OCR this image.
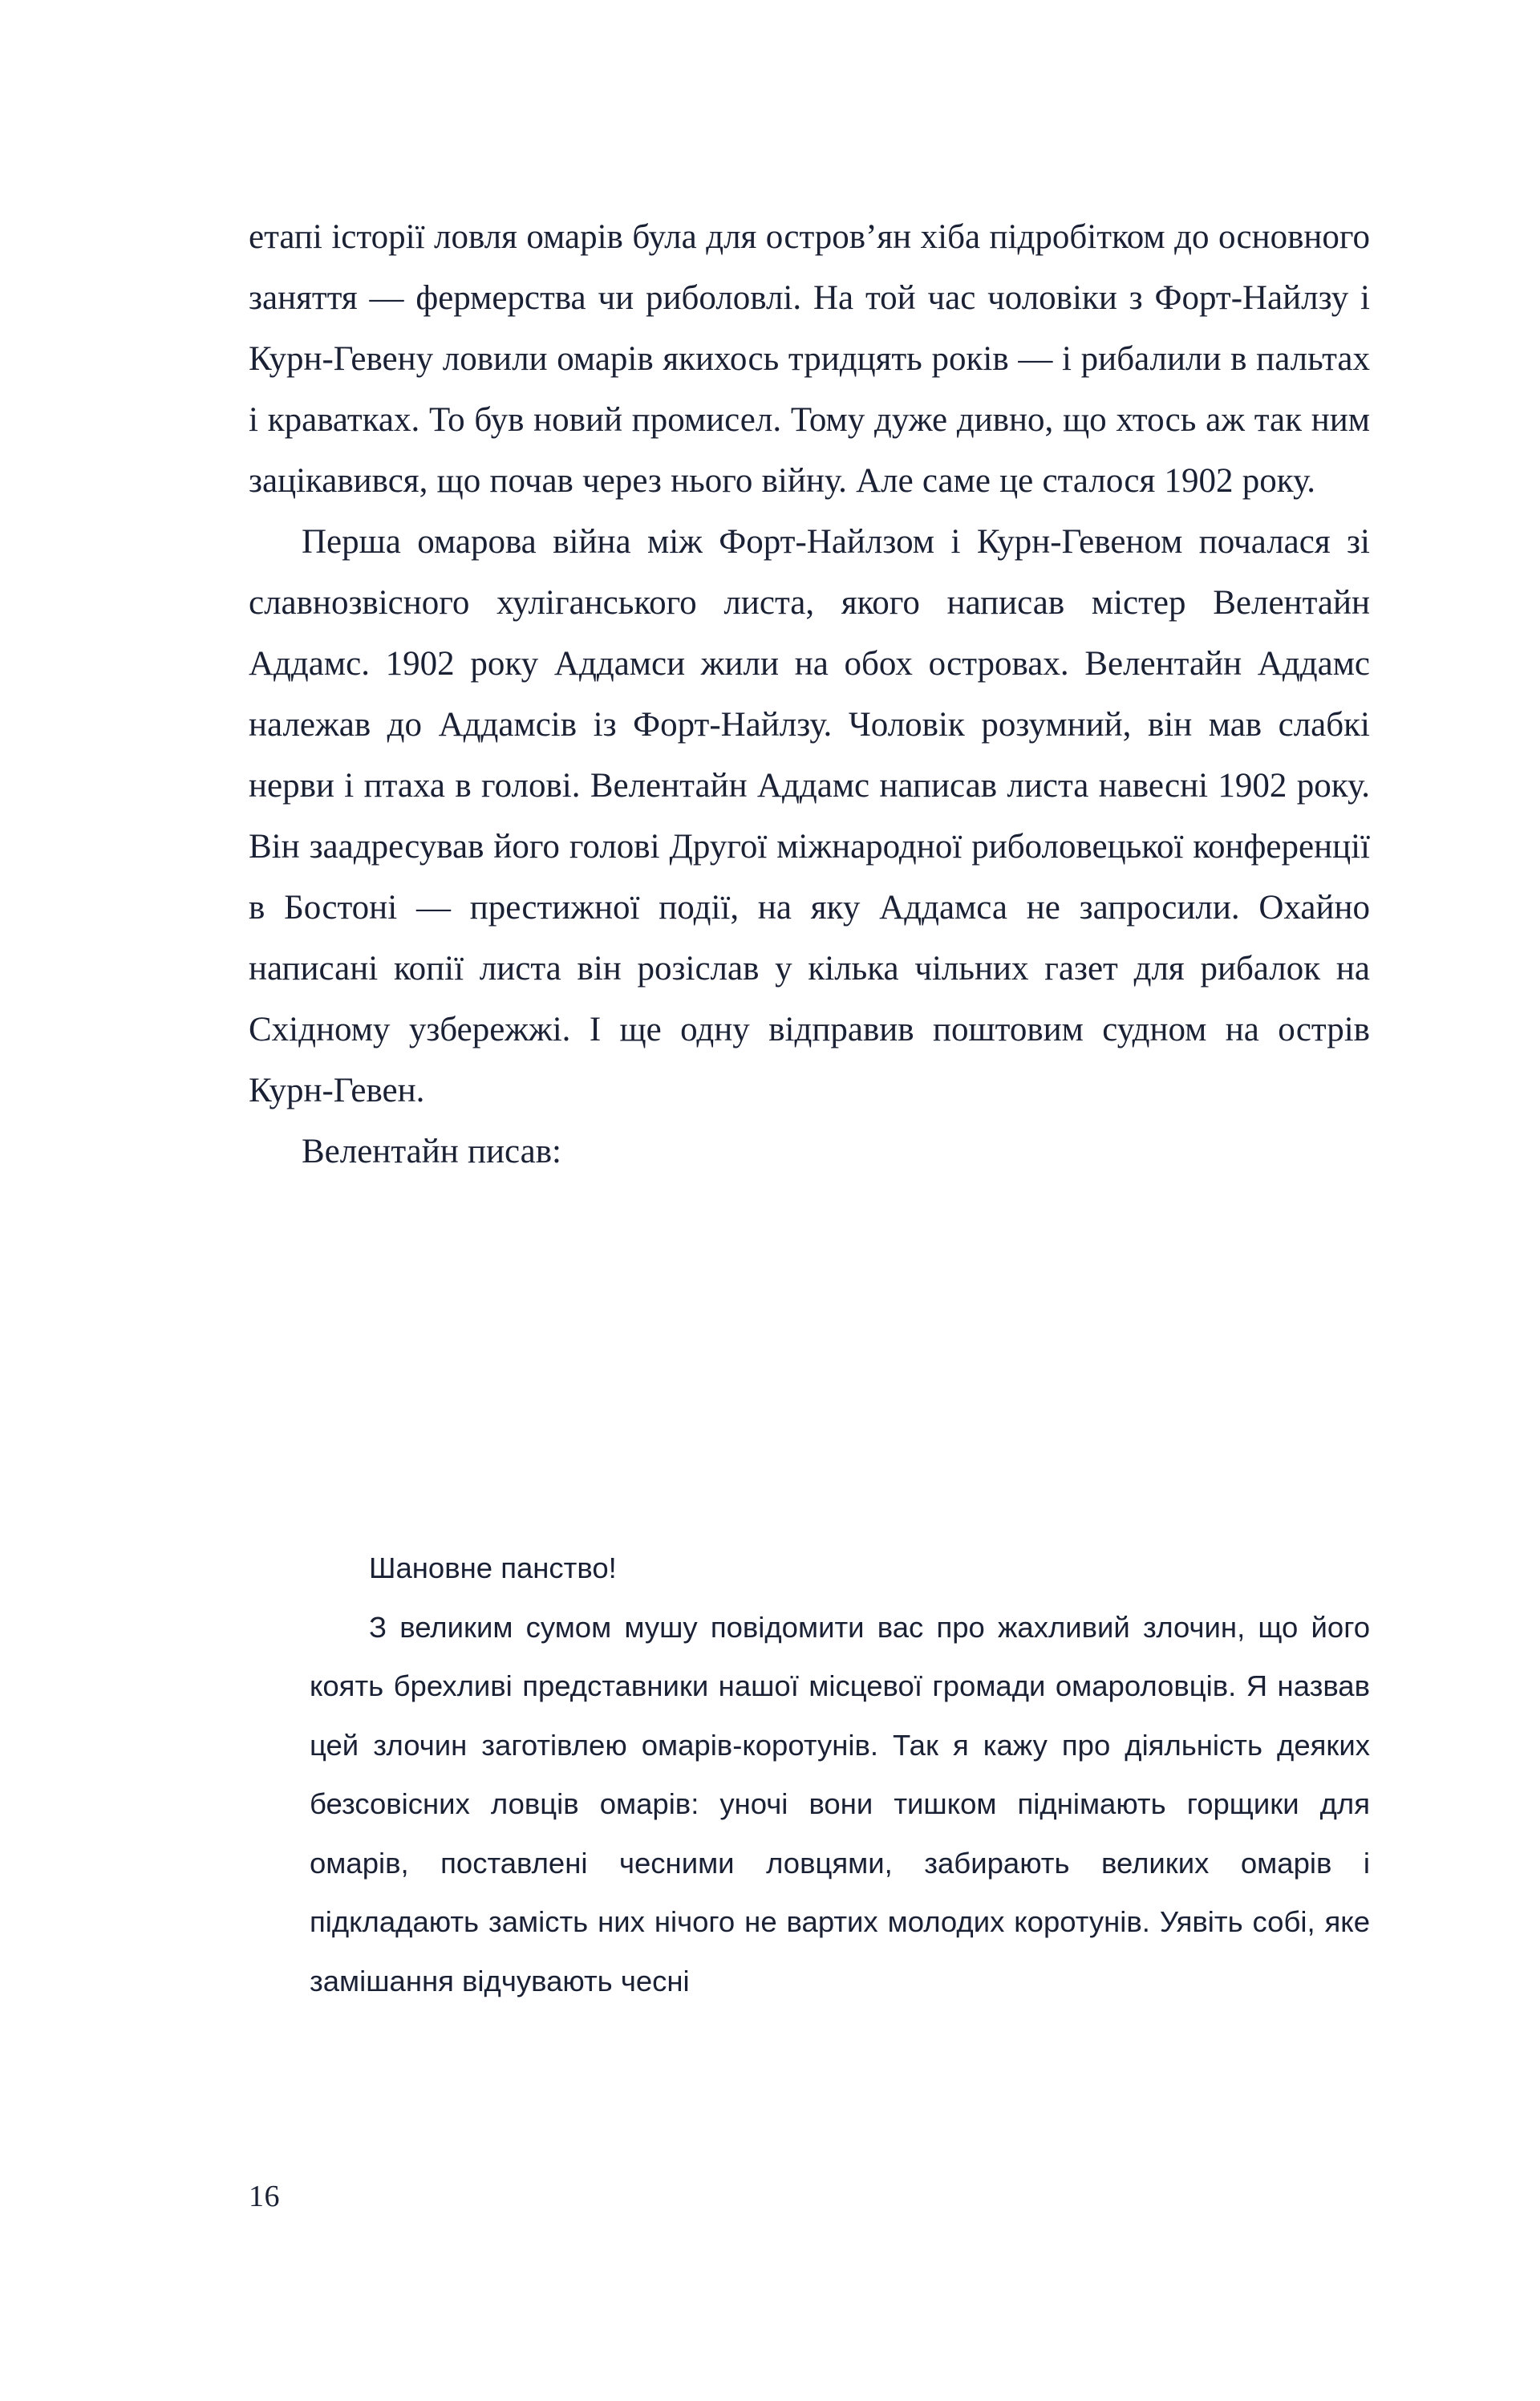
етапі історії ловля омарів була для остров’ян хіба підробітком до основного заняття — фермерства чи риболовлі. На той час чоловіки з Форт-Найлзу і Курн-Гевену ловили омарів якихось тридцять років — і рибалили в пальтах і краватках. То був новий промисел. Тому дуже дивно, що хтось аж так ним зацікавився, що почав через нього війну. Але саме це сталося 1902 року.

Перша омарова війна між Форт-Найлзом і Курн-Гевеном почалася зі славнозвісного хуліганського листа, якого написав містер Велентайн Аддамс. 1902 року Аддамси жили на обох островах. Велентайн Аддамс належав до Аддамсів із Форт-Найлзу. Чоловік розумний, він мав слабкі нерви і птаха в голові. Велентайн Аддамс написав листа навесні 1902 року. Він заадресував його голові Другої міжнародної риболовецької конференції в Бостоні — престижної події, на яку Аддамса не запросили. Охайно написані копії листа він розіслав у кілька чільних газет для рибалок на Східному узбережжі. І ще одну відправив поштовим судном на острів Курн-Гевен.

Велентайн писав:

Шановне панство!

З великим сумом мушу повідомити вас про жахливий злочин, що його коять брехливі представники нашої місцевої громади омароловців. Я назвав цей злочин заготівлею омарів-коротунів. Так я кажу про діяльність деяких безсовісних ловців омарів: уночі вони тишком піднімають горщики для омарів, поставлені чесними ловцями, забирають великих омарів і підкладають замість них нічого не вартих молодих коротунів. Уявіть собі, яке замішання відчувають чесні

16
